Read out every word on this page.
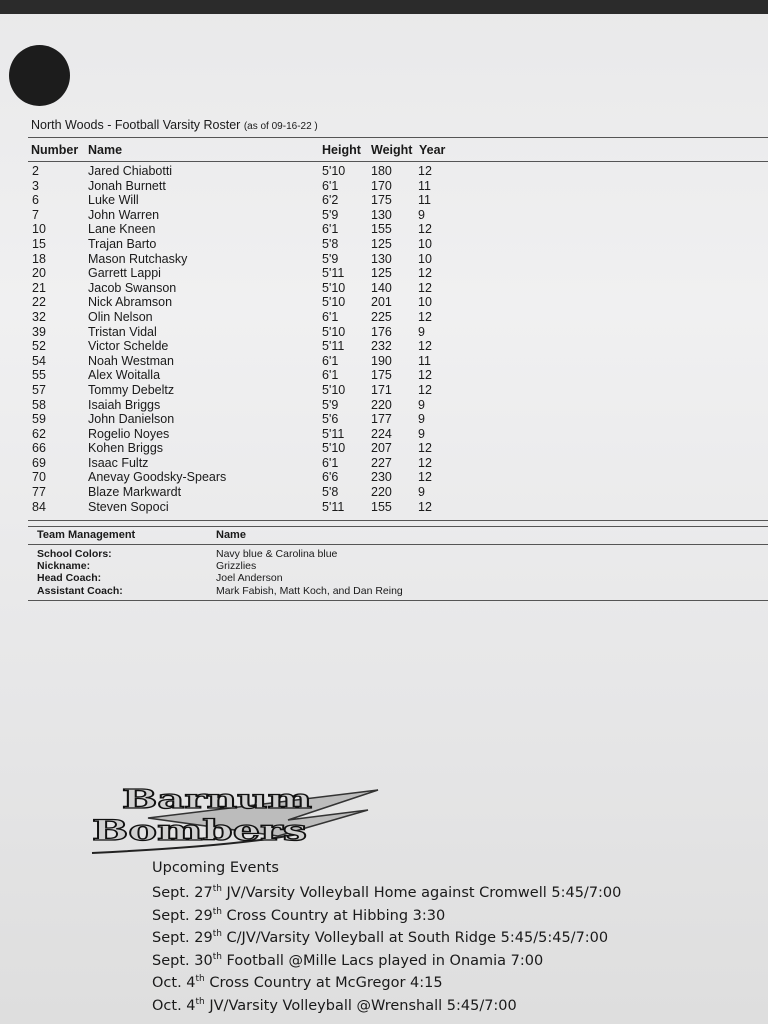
North Woods - Football Varsity Roster (as of 09-16-22 )
Number Name	Height Weight Year
2	Jared Chiabotti	5'10 180 12
3	Jonah Burnett	6'1	170 11
6	Luke Will	6'2	175 11
7	John Warren	5'9	130 9
10	Lane Kneen	6'1	155 12
15	Trajan Barto	5'8	125 10
18	Mason Rutchasky	5'9	130 10
20	Garrett Lappi	5'11 125 12
21	Jacob Swanson	5'10 140 12
22	Nick Abramson	5'10 201 10
32	Olin Nelson	6'1	225 12
39	Tristan Vidal	5'10 176 9
52	Victor Schelde	5'11 232 12
54	Noah Westman	6'1	190 11
55	Alex Woitalla	6'1	175 12
57	Tommy Debeltz	5'10 171 12
58	Isaiah Briggs	5'9	220 9
59	John Danielson	5'6	177 9
62	Rogelio Noyes	5'11 224 9
66	Kohen Briggs	5'10 207 12
69	Isaac Fultz	6'1	227 12
70	Anevay Goodsky-Spears	6'6	230 12
77	Blaze Markwardt	5'8	220 9
84	Steven Sopoci	5'11 155 12
Team Management	Name
School Colors:	Navy blue & Carolina blue
Nickname:	Grizzlies
Head Coach:	Joel Anderson
Assistant Coach:	Mark Fabish, Matt Koch, and Dan Reing
Barnum
Bombers
Upcoming Events
Sept. 27th JV/Varsity Volleyball Home against Cromwell 5:45/7:00
Sept. 29th Cross Country at Hibbing 3:30
Sept. 29th C/JV/Varsity Volleyball at South Ridge 5:45/5:45/7:00
Sept. 30th Football @Mille Lacs played in Onamia 7:00
Oct. 4th Cross Country at McGregor 4:15
Oct. 4th JV/Varsity Volleyball @Wrenshall 5:45/7:00
